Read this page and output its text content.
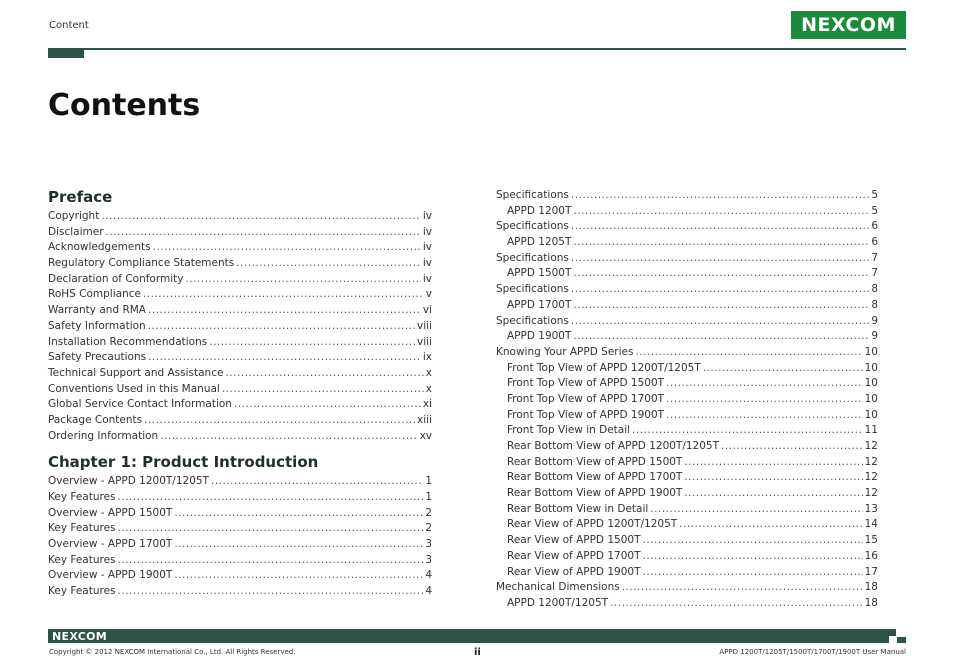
Content	NEXCOM
Contents
Preface
Copyright .....	iv
Disclaimer .....	iv
Acknowledgements .....	iv
Regulatory Compliance Statements .....	iv
Declaration of Conformity .....	iv
RoHS Compliance .....	v
Warranty and RMA .....	vi
Safety Information .....	viii
Installation Recommendations .....	viii
Safety Precautions .....	ix
Technical Support and Assistance .....	x
Conventions Used in this Manual .....	x
Global Service Contact Information .....	xi
Package Contents .....	xiii
Ordering Information .....	xv
Chapter 1: Product Introduction
Overview - APPD 1200T/1205T .....	1
Key Features .....	1
Overview - APPD 1500T .....	2
Key Features .....	2
Overview - APPD 1700T .....	3
Key Features .....	3
Overview - APPD 1900T .....	4
Key Features .....	4
Specifications .....	5
APPD 1200T .....	5
Specifications .....	6
APPD 1205T .....	6
Specifications .....	7
APPD 1500T .....	7
Specifications .....	8
APPD 1700T .....	8
Specifications .....	9
APPD 1900T .....	9
Knowing Your APPD Series .....	10
Front Top View of APPD 1200T/1205T .....	10
Front Top View of APPD 1500T .....	10
Front Top View of APPD 1700T .....	10
Front Top View of APPD 1900T .....	10
Front Top View in Detail .....	11
Rear Bottom View of APPD 1200T/1205T .....	12
Rear Bottom View of APPD 1500T .....	12
Rear Bottom View of APPD 1700T .....	12
Rear Bottom View of APPD 1900T .....	12
Rear Bottom View in Detail .....	13
Rear View of APPD 1200T/1205T .....	14
Rear View of APPD 1500T .....	15
Rear View of APPD 1700T .....	16
Rear View of APPD 1900T .....	17
Mechanical Dimensions .....	18
APPD 1200T/1205T .....	18
NEXCOM
Copyright © 2012 NEXCOM International Co., Ltd. All Rights Reserved.	ii	APPD 1200T/1205T/1500T/1700T/1900T User Manual
